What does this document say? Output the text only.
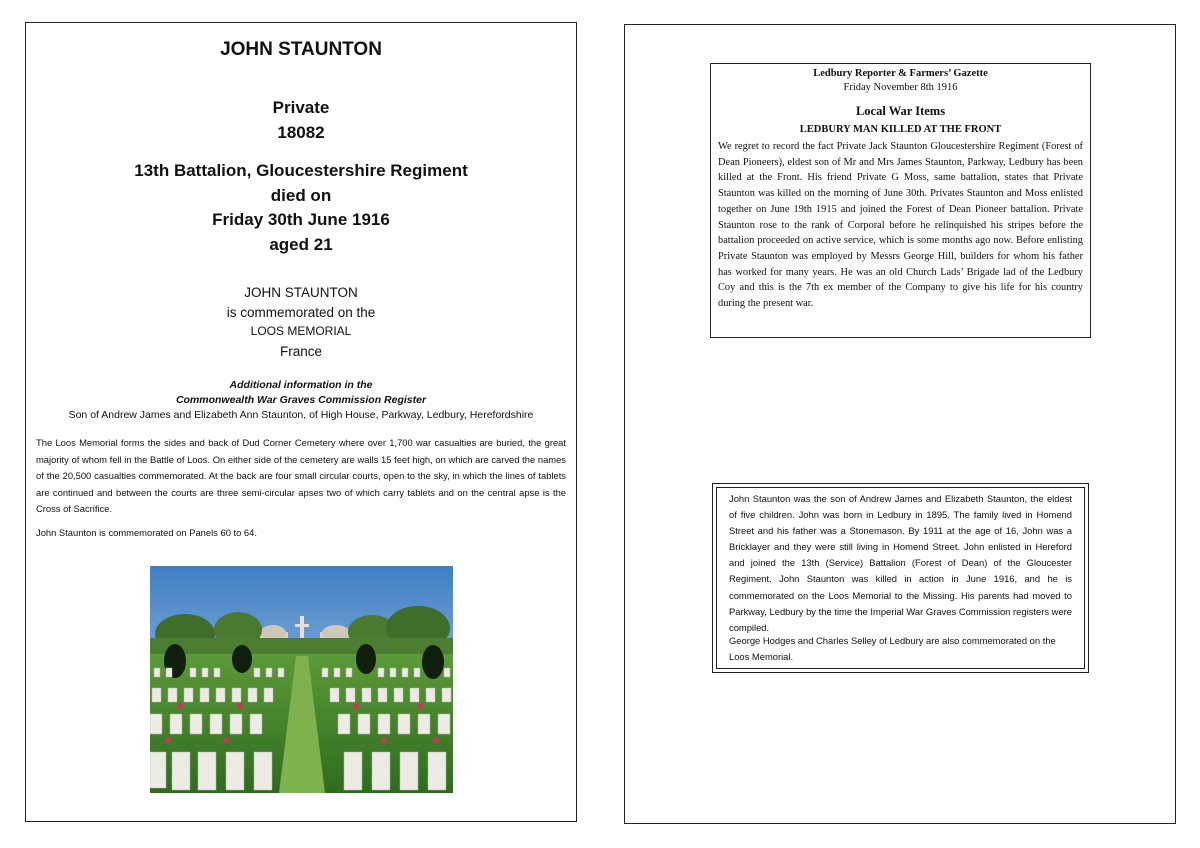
JOHN STAUNTON
Private
18082
13th Battalion, Gloucestershire Regiment
died on
Friday 30th June 1916
aged 21
JOHN STAUNTON
is commemorated on the
LOOS MEMORIAL
France
Additional information in the
Commonwealth War Graves Commission Register
Son of Andrew James and Elizabeth Ann Staunton, of High House, Parkway, Ledbury, Herefordshire
The Loos Memorial forms the sides and back of Dud Corner Cemetery where over 1,700 war casualties are buried, the great majority of whom fell in the Battle of Loos. On either side of the cemetery are walls 15 feet high, on which are carved the names of the 20,500 casualties commemorated. At the back are four small circular courts, open to the sky, in which the lines of tablets are continued and between the courts are three semi-circular apses two of which carry tablets and on the central apse is the Cross of Sacrifice.
John Staunton is commemorated on Panels 60 to 64.
Ledbury Reporter & Farmers’ Gazette
Friday November 8th 1916
Local War Items
LEDBURY MAN KILLED AT THE FRONT
We regret to record the fact Private Jack Staunton Gloucestershire Regiment (Forest of Dean Pioneers), eldest son of Mr and Mrs James Staunton, Parkway, Ledbury has been killed at the Front. His friend Private G Moss, same battalion, states that Private Staunton was killed on the morning of June 30th. Privates Staunton and Moss enlisted together on June 19th 1915 and joined the Forest of Dean Pioneer battalion. Private Staunton rose to the rank of Corporal before he relinquished his stripes before the battalion proceeded on active service, which is some months ago now. Before enlisting Private Staunton was employed by Messrs George Hill, builders for whom his father has worked for many years. He was an old Church Lads’ Brigade lad of the Ledbury Coy and this is the 7th ex member of the Company to give his life for his country during the present war.
John Staunton was the son of Andrew James and Elizabeth Staunton, the eldest of five children. John was born in Ledbury in 1895. The family lived in Homend Street and his father was a Stonemason. By 1911 at the age of 16, John was a Bricklayer and they were still living in Homend Street. John enlisted in Hereford and joined the 13th (Service) Battalion (Forest of Dean) of the Gloucester Regiment. John Staunton was killed in action in June 1916, and he is commemorated on the Loos Memorial to the Missing. His parents had moved to Parkway, Ledbury by the time the Imperial War Graves Commission registers were compiled.
George Hodges and Charles Selley of Ledbury are also commemorated on the Loos Memorial.
